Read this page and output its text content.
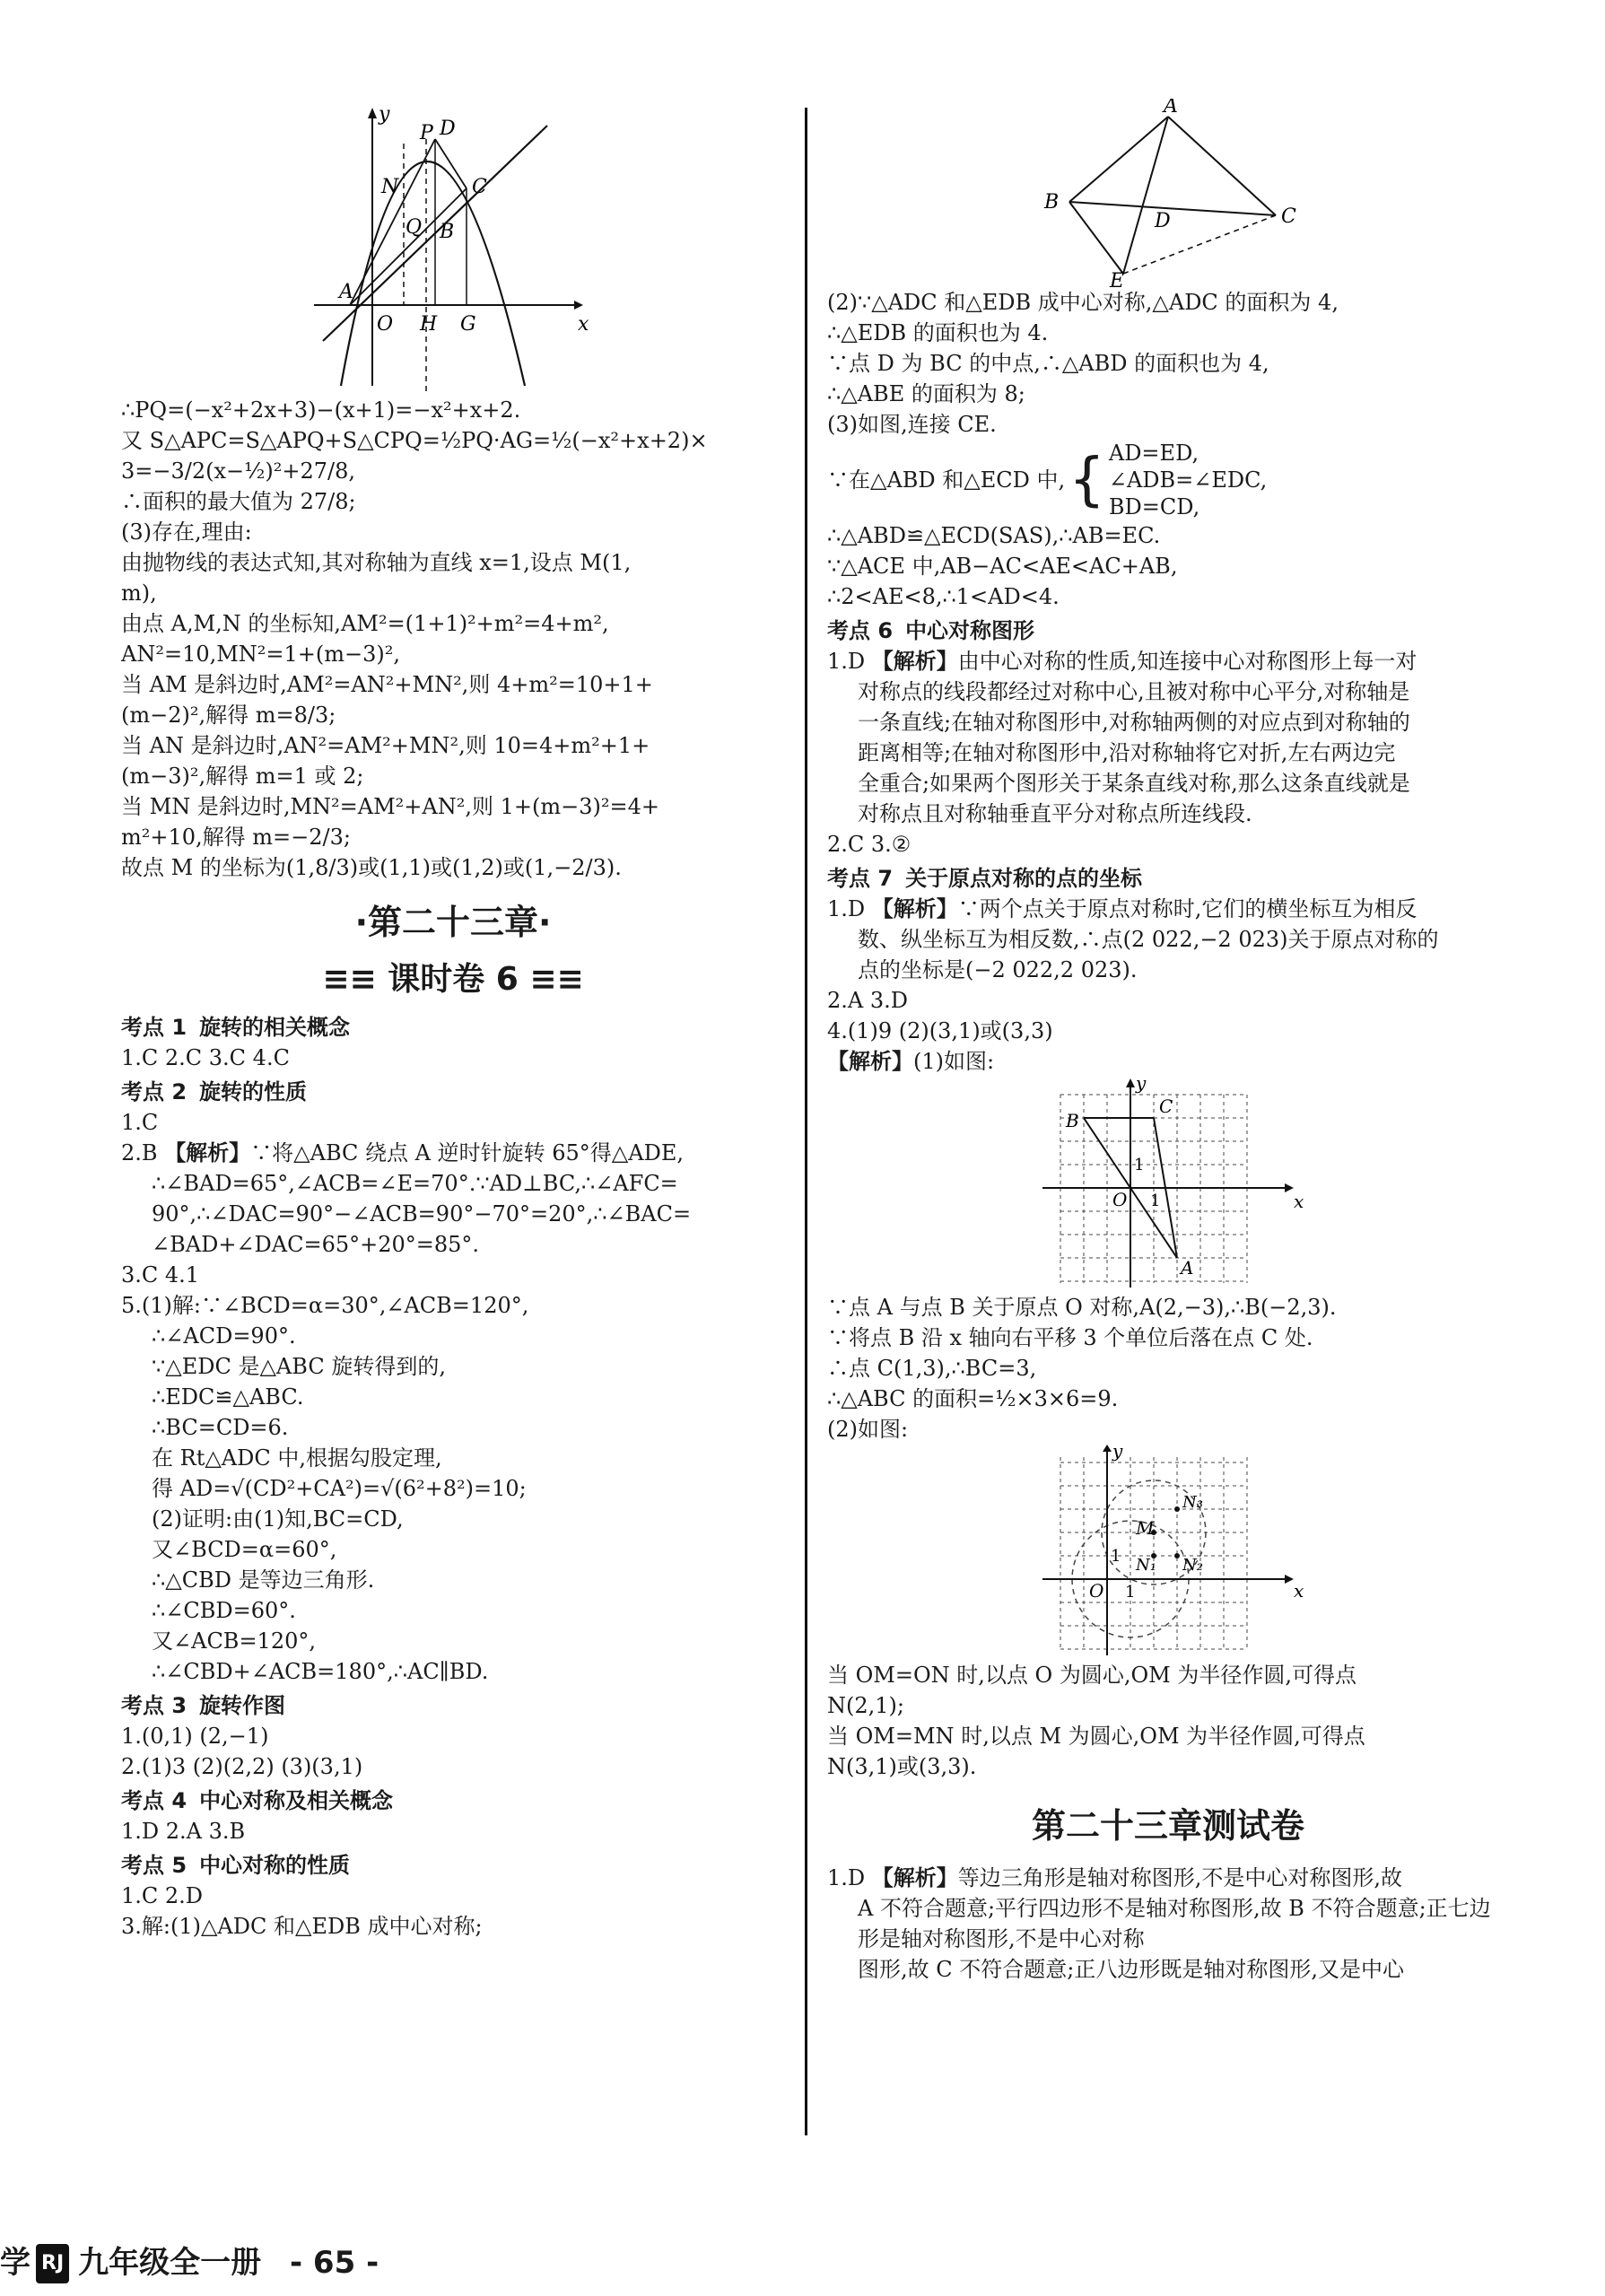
y
x
P D
N	C
Q B
A
O H G
∴PQ=(−x²+2x+3)−(x+1)=−x²+x+2.
又 S△APC=S△APQ+S△CPQ=½PQ·AG=½(−x²+x+2)×
3=−3/2(x−½)²+27/8,
∴面积的最大值为 27/8;
(3)存在,理由:
由抛物线的表达式知,其对称轴为直线 x=1,设点 M(1,
m),
由点 A,M,N 的坐标知,AM²=(1+1)²+m²=4+m²,
AN²=10,MN²=1+(m−3)²,
当 AM 是斜边时,AM²=AN²+MN²,则 4+m²=10+1+
(m−2)²,解得 m=8/3;
当 AN 是斜边时,AN²=AM²+MN²,则 10=4+m²+1+
(m−3)²,解得 m=1 或 2;
当 MN 是斜边时,MN²=AM²+AN²,则 1+(m−3)²=4+
m²+10,解得 m=−2/3;
故点 M 的坐标为(1,8/3)或(1,1)或(1,2)或(1,−2/3).
·第二十三章·
≡≡ 课时卷 6 ≡≡
考点 1 旋转的相关概念
1.C 2.C 3.C 4.C
考点 2 旋转的性质
1.C
2.B 【解析】∵将△ABC 绕点 A 逆时针旋转 65°得△ADE,
∴∠BAD=65°,∠ACB=∠E=70°.∵AD⊥BC,∴∠AFC=
90°,∴∠DAC=90°−∠ACB=90°−70°=20°,∴∠BAC=
∠BAD+∠DAC=65°+20°=85°.
3.C 4.1
5.(1)解:∵∠BCD=α=30°,∠ACB=120°,
∴∠ACD=90°.
∵△EDC 是△ABC 旋转得到的,
∴EDC≌△ABC.
∴BC=CD=6.
在 Rt△ADC 中,根据勾股定理,
得 AD=√(CD²+CA²)=√(6²+8²)=10;
(2)证明:由(1)知,BC=CD,
又∠BCD=α=60°,
∴△CBD 是等边三角形.
∴∠CBD=60°.
又∠ACB=120°,
∴∠CBD+∠ACB=180°,∴AC∥BD.
考点 3 旋转作图
1.(0,1) (2,−1)
2.(1)3 (2)(2,2) (3)(3,1)
考点 4 中心对称及相关概念
1.D 2.A 3.B
考点 5 中心对称的性质
1.C 2.D
3.解:(1)△ADC 和△EDB 成中心对称;
A
B
D	C
E
(2)∵△ADC 和△EDB 成中心对称,△ADC 的面积为 4,
∴△EDB 的面积也为 4.
∵点 D 为 BC 的中点,∴△ABD 的面积也为 4,
∴△ABE 的面积为 8;
(3)如图,连接 CE.
∵在△ABD 和△ECD 中, { AD=ED,
∠ADB=∠EDC,
BD=CD,
∴△ABD≌△ECD(SAS),∴AB=EC.
∵△ACE 中,AB−AC<AE<AC+AB,
∴2<AE<8,∴1<AD<4.
考点 6 中心对称图形
1.D 【解析】由中心对称的性质,知连接中心对称图形上每一对
对称点的线段都经过对称中心,且被对称中心平分,对称轴是
一条直线;在轴对称图形中,对称轴两侧的对应点到对称轴的
距离相等;在轴对称图形中,沿对称轴将它对折,左右两边完
全重合;如果两个图形关于某条直线对称,那么这条直线就是
对称点且对称轴垂直平分对称点所连线段.
2.C 3.②
考点 7 关于原点对称的点的坐标
1.D 【解析】∵两个点关于原点对称时,它们的横坐标互为相反
数、纵坐标互为相反数,∴点(2 022,−2 023)关于原点对称的
点的坐标是(−2 022,2 023).
2.A 3.D
4.(1)9 (2)(3,1)或(3,3)
【解析】(1)如图:
y
x
B
C
A
O
1
1
∵点 A 与点 B 关于原点 O 对称,A(2,−3),∴B(−2,3).
∵将点 B 沿 x 轴向右平移 3 个单位后落在点 C 处.
∴点 C(1,3),∴BC=3,
∴△ABC 的面积=½×3×6=9.
(2)如图:
y
x
M
N₁ N₂
N₃
O
1
1
当 OM=ON 时,以点 O 为圆心,OM 为半径作圆,可得点
N(2,1);
当 OM=MN 时,以点 M 为圆心,OM 为半径作圆,可得点
N(3,1)或(3,3).
第二十三章测试卷
1.D 【解析】等边三角形是轴对称图形,不是中心对称图形,故
A 不符合题意;平行四边形不是轴对称图形,故 B 不符合题意;正七边形是轴对称图形,不是中心对称
图形,故 C 不符合题意;正八边形既是轴对称图形,又是中心
学 RJ 九年级全一册 - 65 -
